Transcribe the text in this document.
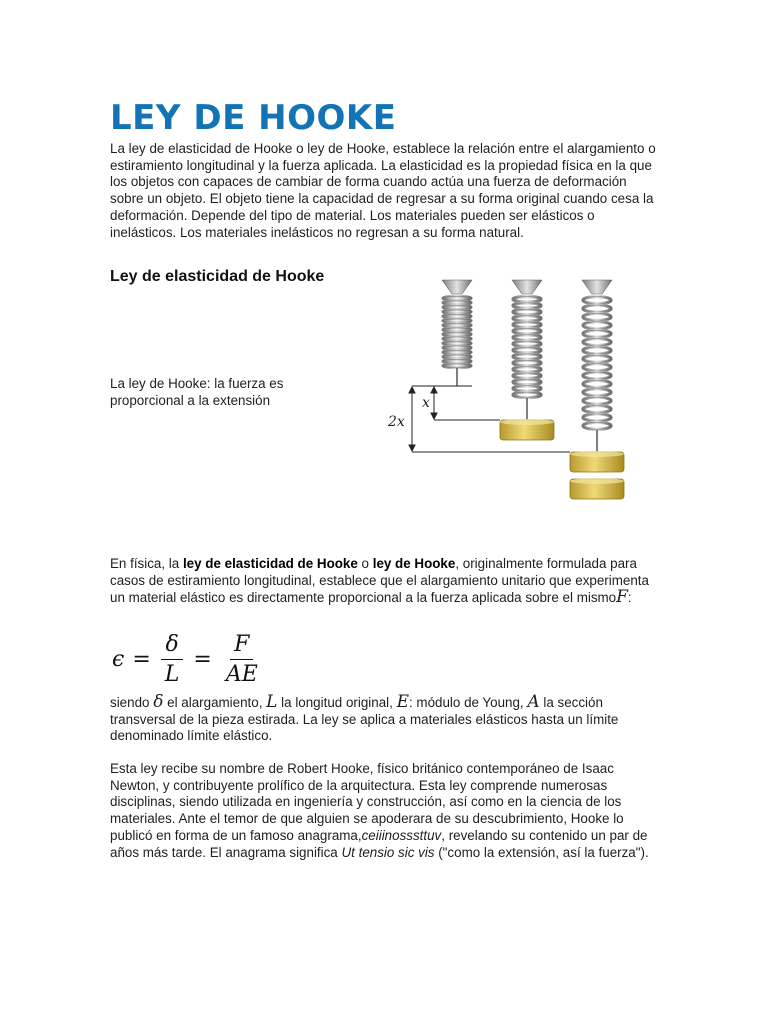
LEY DE HOOKE

La ley de elasticidad de Hooke o ley de Hooke, establece la relación entre el alargamiento o estiramiento longitudinal y la fuerza aplicada. La elasticidad es la propiedad física en la que los objetos con capaces de cambiar de forma cuando actúa una fuerza de deformación sobre un objeto. El objeto tiene la capacidad de regresar a su forma original cuando cesa la deformación. Depende del tipo de material. Los materiales pueden ser elásticos o inelásticos. Los materiales inelásticos no regresan a su forma natural.

Ley de elasticidad de Hooke

La ley de Hooke: la fuerza es proporcional a la extensión	x
2x

En física, la ley de elasticidad de Hooke o ley de Hooke, originalmente formulada para casos de estiramiento longitudinal, establece que el alargamiento unitario que experimenta un material elástico es directamente proporcional a la fuerza aplicada sobre el mismoF:

$\epsilon = \frac{\delta}{L} = \frac{F}{AE}$

siendo δ el alargamiento, L la longitud original, E: módulo de Young, A la sección transversal de la pieza estirada. La ley se aplica a materiales elásticos hasta un límite denominado límite elástico.

Esta ley recibe su nombre de Robert Hooke, físico británico contemporáneo de Isaac Newton, y contribuyente prolífico de la arquitectura. Esta ley comprende numerosas disciplinas, siendo utilizada en ingeniería y construcción, así como en la ciencia de los materiales. Ante el temor de que alguien se apoderara de su descubrimiento, Hooke lo publicó en forma de un famoso anagrama,ceiiinosssttuv, revelando su contenido un par de años más tarde. El anagrama significa Ut tensio sic vis ("como la extensión, así la fuerza").
